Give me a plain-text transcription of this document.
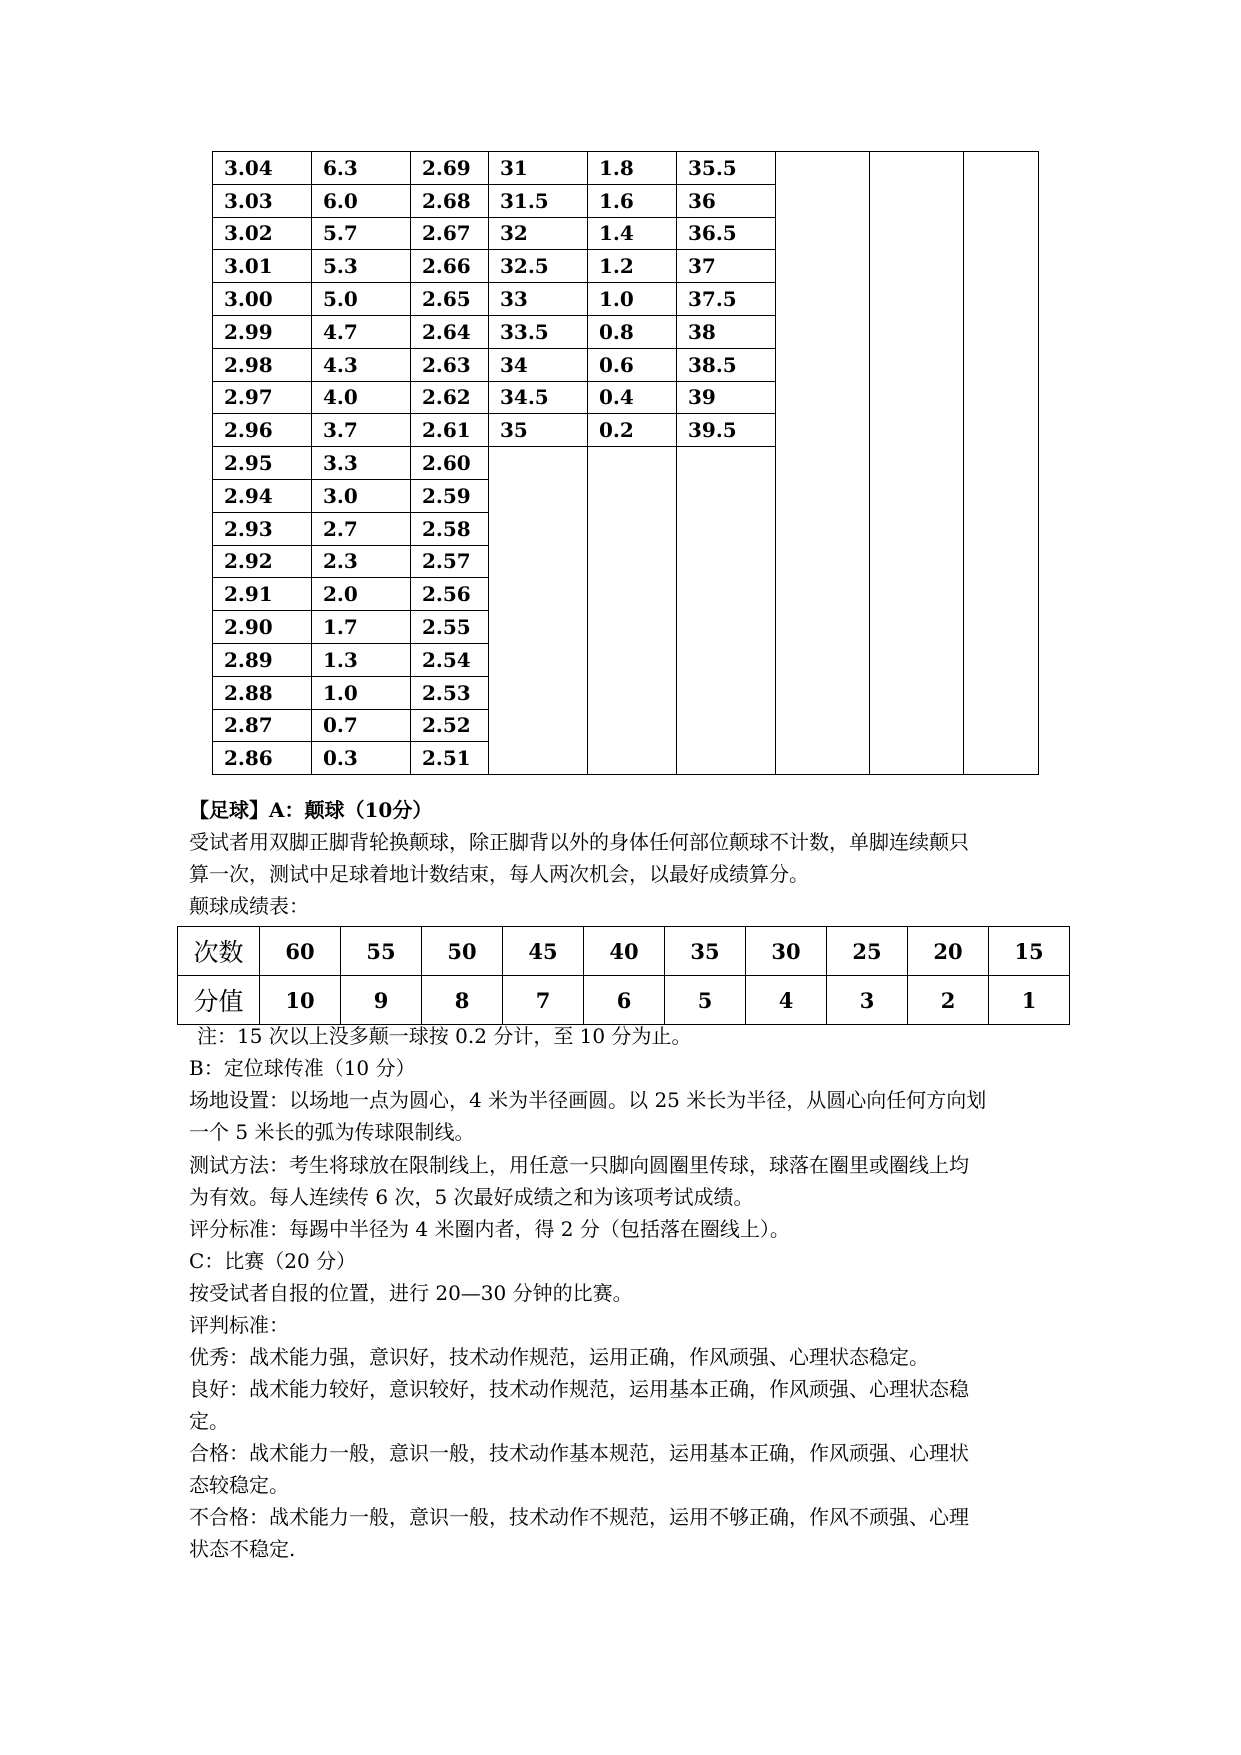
3.04	6.3	2.69	31	1.8	35.5			
3.03	6.0	2.68	31.5	1.6	36			
3.02	5.7	2.67	32	1.4	36.5			
3.01	5.3	2.66	32.5	1.2	37			
3.00	5.0	2.65	33	1.0	37.5			
2.99	4.7	2.64	33.5	0.8	38			
2.98	4.3	2.63	34	0.6	38.5			
2.97	4.0	2.62	34.5	0.4	39			
2.96	3.7	2.61	35	0.2	39.5			
2.95	3.3	2.60						
2.94	3.0	2.59						
2.93	2.7	2.58						
2.92	2.3	2.57						
2.91	2.0	2.56						
2.90	1.7	2.55						
2.89	1.3	2.54						
2.88	1.0	2.53						
2.87	0.7	2.52						
2.86	0.3	2.51						
【足球】A：颠球（10分）
受试者用双脚正脚背轮换颠球，除正脚背以外的身体任何部位颠球不计数，单脚连续颠只
算一次，测试中足球着地计数结束，每人两次机会，以最好成绩算分。
颠球成绩表：
次数	60	55	50	45	40	35	30	25	20	15
分值	10	9	8	7	6	5	4	3	2	1
注：15 次以上没多颠一球按 0.2 分计，至 10 分为止。
B：定位球传准（10 分）
场地设置：以场地一点为圆心，4 米为半径画圆。以 25 米长为半径，从圆心向任何方向划
一个 5 米长的弧为传球限制线。
测试方法：考生将球放在限制线上，用任意一只脚向圆圈里传球，球落在圈里或圈线上均
为有效。每人连续传 6 次，5 次最好成绩之和为该项考试成绩。
评分标准：每踢中半径为 4 米圈内者，得 2 分（包括落在圈线上）。
C：比赛（20 分）
按受试者自报的位置，进行 20—30 分钟的比赛。
评判标准：
优秀：战术能力强，意识好，技术动作规范，运用正确，作风顽强、心理状态稳定。
良好：战术能力较好，意识较好，技术动作规范，运用基本正确，作风顽强、心理状态稳
定。
合格：战术能力一般，意识一般，技术动作基本规范，运用基本正确，作风顽强、心理状
态较稳定。
不合格：战术能力一般，意识一般，技术动作不规范，运用不够正确，作风不顽强、心理
状态不稳定.
